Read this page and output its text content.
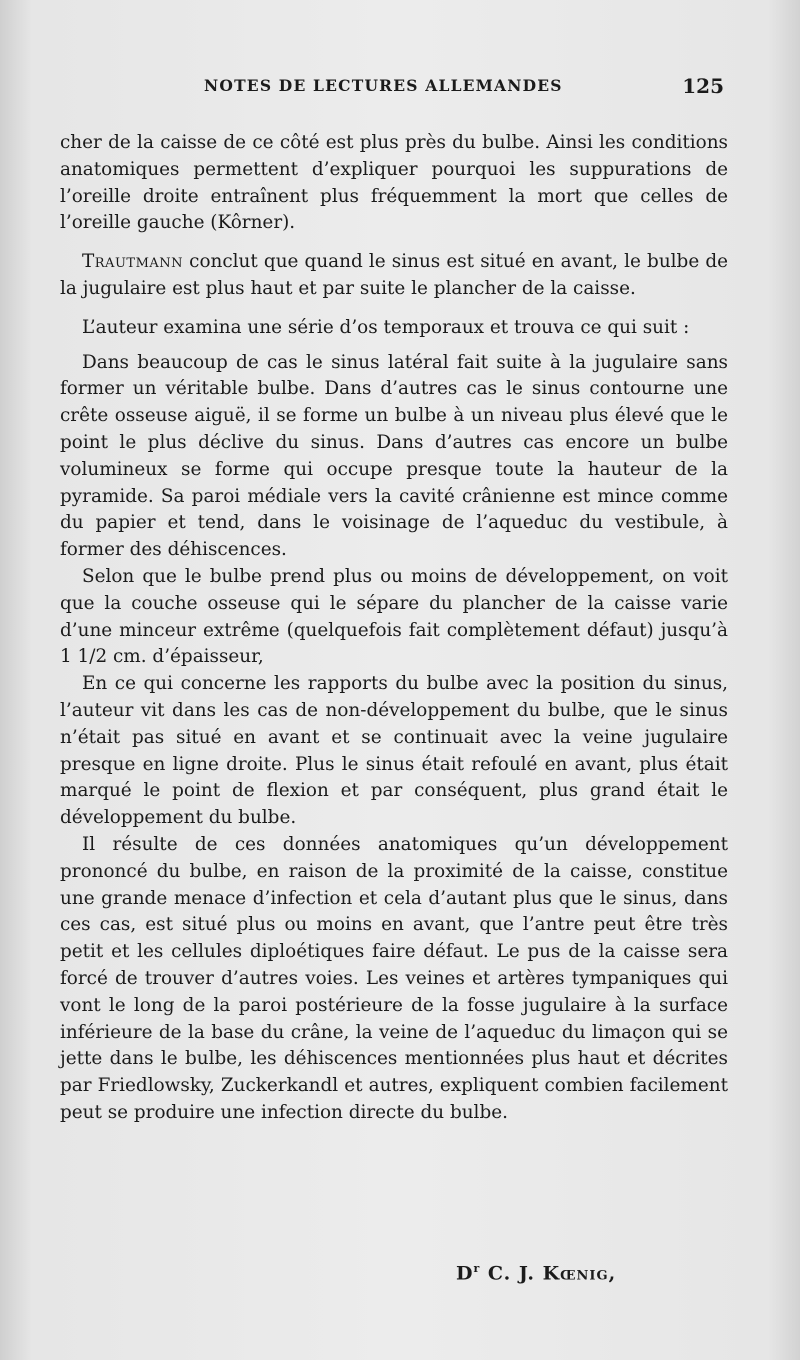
NOTES DE LECTURES ALLEMANDES	125

cher de la caisse de ce côté est plus près du bulbe. Ainsi les conditions anatomiques permettent d’expliquer pourquoi les suppurations de l’oreille droite entraînent plus fréquemment la mort que celles de l’oreille gauche (Kôrner).

Trautmann conclut que quand le sinus est situé en avant, le bulbe de la jugulaire est plus haut et par suite le plancher de la caisse.

L’auteur examina une série d’os temporaux et trouva ce qui suit :

Dans beaucoup de cas le sinus latéral fait suite à la jugulaire sans former un véritable bulbe. Dans d’autres cas le sinus contourne une crête osseuse aiguë, il se forme un bulbe à un niveau plus élevé que le point le plus déclive du sinus. Dans d’autres cas encore un bulbe volumineux se forme qui occupe presque toute la hauteur de la pyramide. Sa paroi médiale vers la cavité crânienne est mince comme du papier et tend, dans le voisinage de l’aqueduc du vestibule, à former des déhiscences.

Selon que le bulbe prend plus ou moins de développement, on voit que la couche osseuse qui le sépare du plancher de la caisse varie d’une minceur extrême (quelquefois fait complètement défaut) jusqu’à 1 1/2 cm. d’épaisseur,

En ce qui concerne les rapports du bulbe avec la position du sinus, l’auteur vit dans les cas de non-développement du bulbe, que le sinus n’était pas situé en avant et se continuait avec la veine jugulaire presque en ligne droite. Plus le sinus était refoulé en avant, plus était marqué le point de flexion et par conséquent, plus grand était le développement du bulbe.

Il résulte de ces données anatomiques qu’un développement prononcé du bulbe, en raison de la proximité de la caisse, constitue une grande menace d’infection et cela d’autant plus que le sinus, dans ces cas, est situé plus ou moins en avant, que l’antre peut être très petit et les cellules diploétiques faire défaut. Le pus de la caisse sera forcé de trouver d’autres voies. Les veines et artères tympaniques qui vont le long de la paroi postérieure de la fosse jugulaire à la surface inférieure de la base du crâne, la veine de l’aqueduc du limaçon qui se jette dans le bulbe, les déhiscences mentionnées plus haut et décrites par Friedlowsky, Zuckerkandl et autres, expliquent combien facilement peut se produire une infection directe du bulbe.

$D^r$ C. J. Kœnig,
